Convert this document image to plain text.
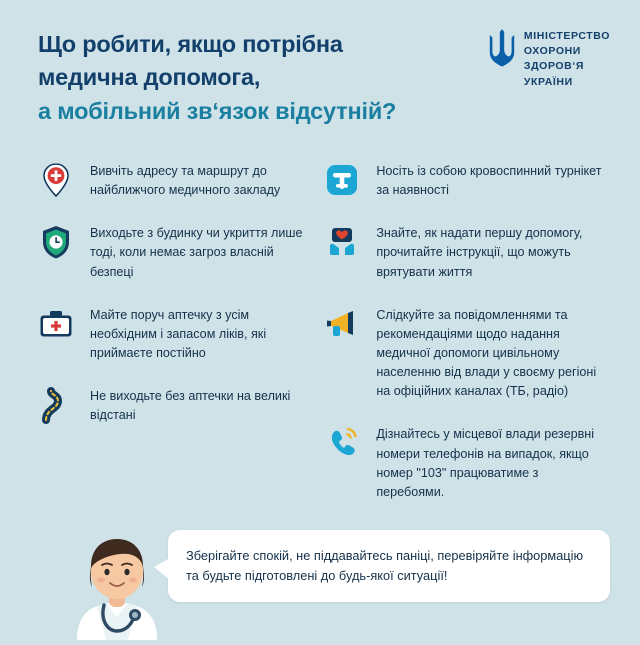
Що робити, якщо потрібна
медична допомога,
а мобільний зв‘язок відсутній?
МІНІСТЕРСТВО
ОХОРОНИ
ЗДОРОВ‘Я
УКРАЇНИ
Вивчіть адресу та маршрут до найближчого медичного закладу
Виходьте з будинку чи укриття лише тоді, коли немає загроз власній безпеці
Майте поруч аптечку з усім необхідним і запасом ліків, які приймаєте постійно
Не виходьте без аптечки на великі відстані
Носіть із собою кровоспинний турнікет за наявності
Знайте, як надати першу допомогу, прочитайте інструкції, що можуть врятувати життя
Слідкуйте за повідомленнями та рекомендаціями щодо надання медичної допомоги цивільному населенню від влади у своєму регіоні на офіційних каналах (ТБ, радіо)
Дізнайтесь у місцевої влади резервні номери телефонів на випадок, якщо номер "103" працюватиме з перебоями.
Зберігайте спокій, не піддавайтесь паніці, перевіряйте інформацію та будьте підготовлені до будь-якої ситуації!
